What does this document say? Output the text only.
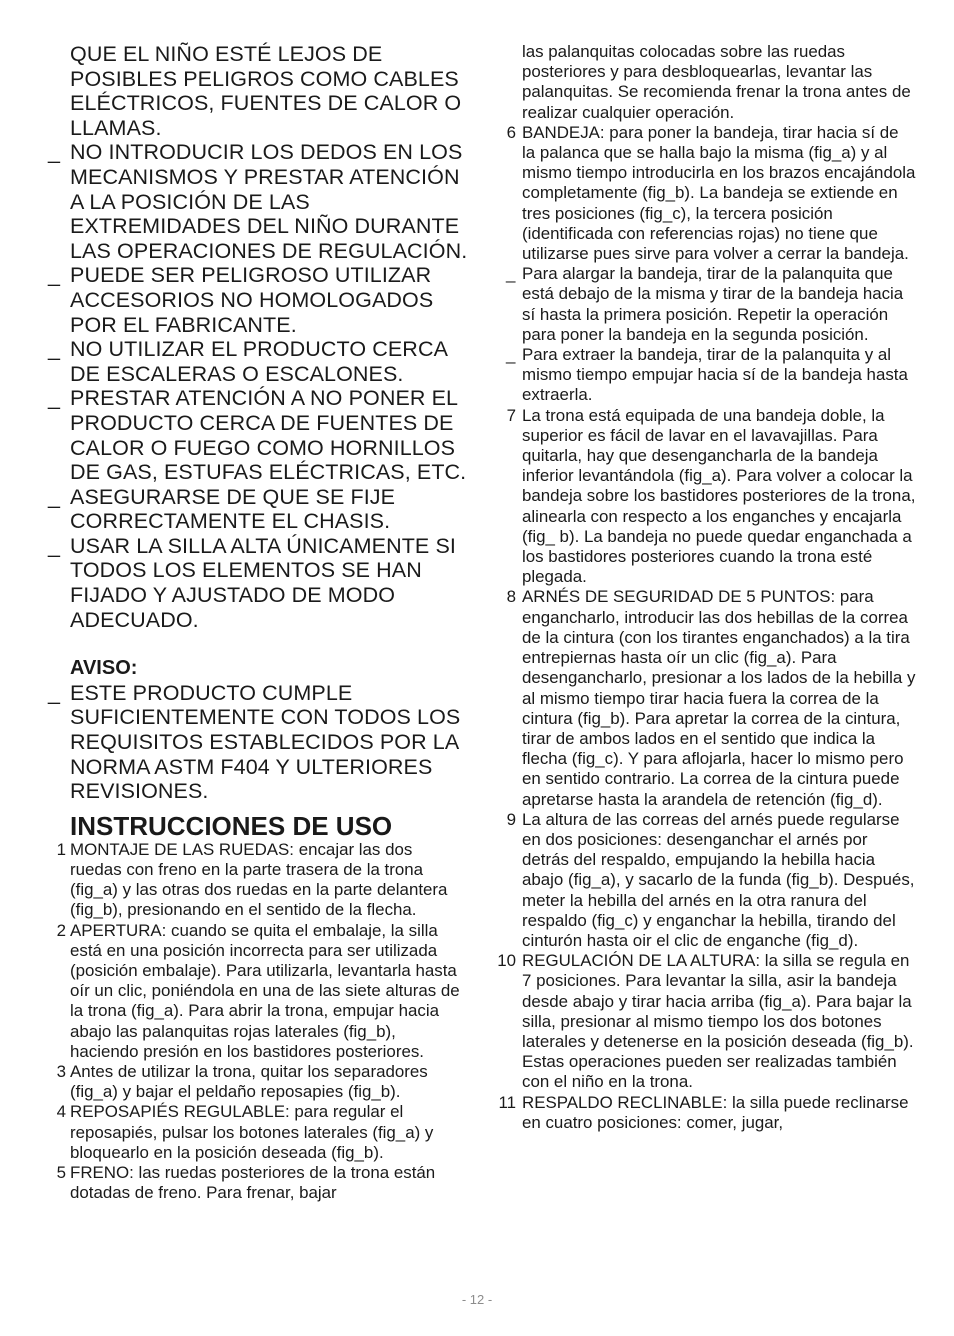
QUE EL NIÑO ESTÉ LEJOS DE POSIBLES PELIGROS COMO CABLES ELÉCTRICOS, FUENTES DE CALOR O LLAMAS.
_ NO INTRODUCIR LOS DEDOS EN LOS MECANISMOS Y PRESTAR ATENCIÓN A LA POSICIÓN DE LAS EXTREMIDADES DEL NIÑO DURANTE LAS OPERACIONES DE REGULACIÓN.
_ PUEDE SER PELIGROSO UTILIZAR ACCESORIOS NO HOMOLOGADOS POR EL FABRICANTE.
_ NO UTILIZAR EL PRODUCTO CERCA DE ESCALERAS O ESCALONES.
_ PRESTAR ATENCIÓN A NO PONER EL PRODUCTO CERCA DE FUENTES DE CALOR O FUEGO COMO HORNILLOS DE GAS, ESTUFAS ELÉCTRICAS, ETC.
_ ASEGURARSE DE QUE SE FIJE CORRECTAMENTE EL CHASIS.
_ USAR LA SILLA ALTA ÚNICAMENTE SI TODOS LOS ELEMENTOS SE HAN FIJADO Y AJUSTADO DE MODO ADECUADO.
AVISO:
_ ESTE PRODUCTO CUMPLE SUFICIENTEMENTE CON TODOS LOS REQUISITOS ESTABLECIDOS POR LA NORMA ASTM F404 Y ULTERIORES REVISIONES.
INSTRUCCIONES DE USO
1 MONTAJE DE LAS RUEDAS: encajar las dos ruedas con freno en la parte trasera de la trona (fig_a) y las otras dos ruedas en la parte delantera (fig_b), presionando en el sentido de la flecha.
2 APERTURA: cuando se quita el embalaje, la silla está en una posición incorrecta para ser utilizada (posición embalaje). Para utilizarla, levantarla hasta oír un clic, poniéndola en una de las siete alturas de la trona (fig_a). Para abrir la trona, empujar hacia abajo las palanquitas rojas laterales (fig_b), haciendo presión en los bastidores posteriores.
3 Antes de utilizar la trona, quitar los separadores (fig_a) y bajar el peldaño reposapies (fig_b).
4 REPOSAPIÉS REGULABLE: para regular el reposapiés, pulsar los botones laterales (fig_a) y bloquearlo en la posición deseada (fig_b).
5 FRENO: las ruedas posteriores de la trona están dotadas de freno. Para frenar, bajar
las palanquitas colocadas sobre las ruedas posteriores y para desbloquearlas, levantar las palanquitas. Se recomienda frenar la trona antes de realizar cualquier operación.
6 BANDEJA: para poner la bandeja, tirar hacia sí de la palanca que se halla bajo la misma (fig_a) y al mismo tiempo introducirla en los brazos encajándola completamente (fig_b). La bandeja se extiende en tres posiciones (fig_c), la tercera posición (identificada con referencias rojas) no tiene que utilizarse pues sirve para volver a cerrar la bandeja.
_ Para alargar la bandeja, tirar de la palanquita que está debajo de la misma y tirar de la bandeja hacia sí hasta la primera posición. Repetir la operación para poner la bandeja en la segunda posición.
_ Para extraer la bandeja, tirar de la palanquita y al mismo tiempo empujar hacia sí de la bandeja hasta extraerla.
7 La trona está equipada de una bandeja doble, la superior es fácil de lavar en el lavavajillas. Para quitarla, hay que desengancharla de la bandeja inferior levantándola (fig_a). Para volver a colocar la bandeja sobre los bastidores posteriores de la trona, alinearla con respecto a los enganches y encajarla (fig_ b). La bandeja no puede quedar enganchada a los bastidores posteriores cuando la trona esté plegada.
8 ARNÉS DE SEGURIDAD DE 5 PUNTOS: para engancharlo, introducir las dos hebillas de la correa de la cintura (con los tirantes enganchados) a la tira entrepiernas hasta oír un clic (fig_a). Para desengancharlo, presionar a los lados de la hebilla y al mismo tiempo tirar hacia fuera la correa de la cintura (fig_b). Para apretar la correa de la cintura, tirar de ambos lados en el sentido que indica la flecha (fig_c). Y para aflojarla, hacer lo mismo pero en sentido contrario. La correa de la cintura puede apretarse hasta la arandela de retención (fig_d).
9 La altura de las correas del arnés puede regularse en dos posiciones: desenganchar el arnés por detrás del respaldo, empujando la hebilla hacia abajo (fig_a), y sacarlo de la funda (fig_b). Después, meter la hebilla del arnés en la otra ranura del respaldo (fig_c) y enganchar la hebilla, tirando del cinturón hasta oir el clic de enganche (fig_d).
10 REGULACIÓN DE LA ALTURA: la silla se regula en 7 posiciones. Para levantar la silla, asir la bandeja desde abajo y tirar hacia arriba (fig_a). Para bajar la silla, presionar al mismo tiempo los dos botones laterales y detenerse en la posición deseada (fig_b). Estas operaciones pueden ser realizadas también con el niño en la trona.
11 RESPALDO RECLINABLE: la silla puede reclinarse en cuatro posiciones: comer, jugar,
- 12 -
